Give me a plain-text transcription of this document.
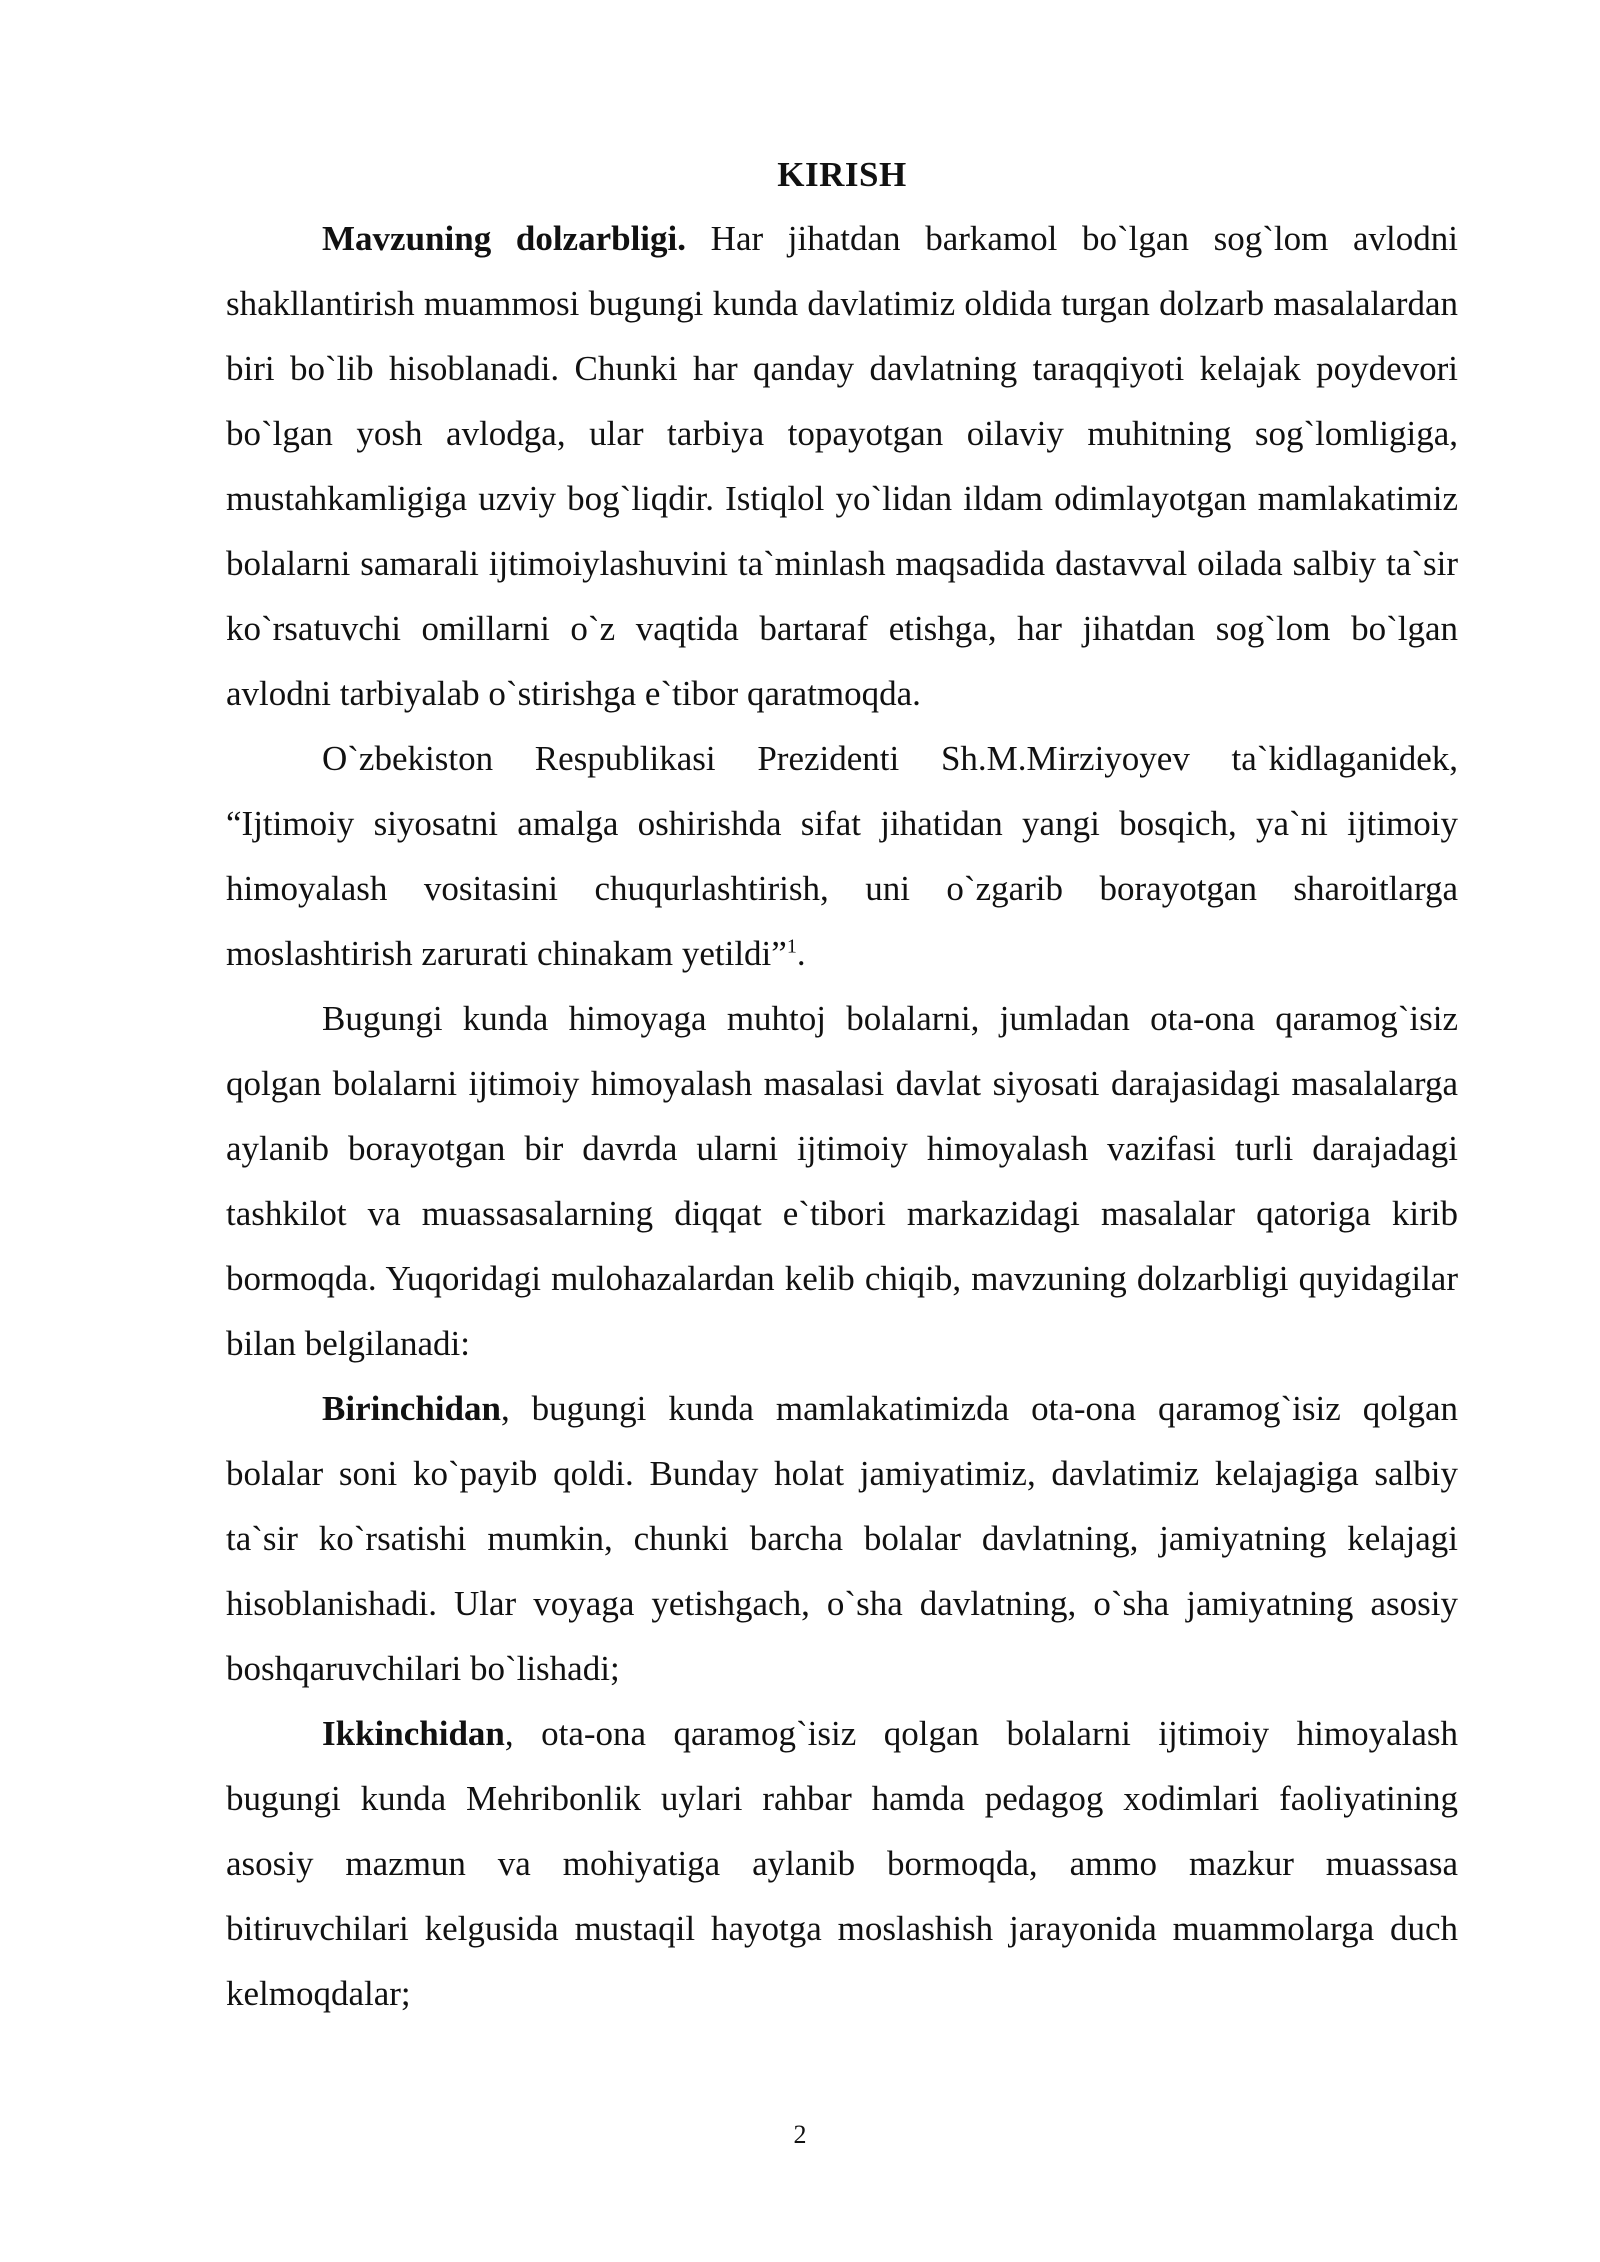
KIRISH

Mavzuning dolzarbligi. Har jihatdan barkamol bo`lgan sog`lom avlodni shakllantirish muammosi bugungi kunda davlatimiz oldida turgan dolzarb masalalardan biri bo`lib hisoblanadi. Chunki har qanday davlatning taraqqiyoti kelajak poydevori bo`lgan yosh avlodga, ular tarbiya topayotgan oilaviy muhitning sog`lomligiga, mustahkamligiga uzviy bog`liqdir. Istiqlol yo`lidan ildam odimlayotgan mamlakatimiz bolalarni samarali ijtimoiylashuvini ta`minlash maqsadida dastavval oilada salbiy ta`sir ko`rsatuvchi omillarni o`z vaqtida bartaraf etishga, har jihatdan sog`lom bo`lgan avlodni tarbiyalab o`stirishga e`tibor qaratmoqda.

O`zbekiston Respublikasi Prezidenti Sh.M.Mirziyoyev ta`kidlaganidek, “Ijtimoiy siyosatni amalga oshirishda sifat jihatidan yangi bosqich, ya`ni ijtimoiy himoyalash vositasini chuqurlashtirish, uni o`zgarib borayotgan sharoitlarga moslashtirish zarurati chinakam yetildi”$^1$.

Bugungi kunda himoyaga muhtoj bolalarni, jumladan ota-ona qaramog`isiz qolgan bolalarni ijtimoiy himoyalash masalasi davlat siyosati darajasidagi masalalarga aylanib borayotgan bir davrda ularni ijtimoiy himoyalash vazifasi turli darajadagi tashkilot va muassasalarning diqqat e`tibori markazidagi masalalar qatoriga kirib bormoqda. Yuqoridagi mulohazalardan kelib chiqib, mavzuning dolzarbligi quyidagilar bilan belgilanadi:

Birinchidan, bugungi kunda mamlakatimizda ota-ona qaramog`isiz qolgan bolalar soni ko`payib qoldi. Bunday holat jamiyatimiz, davlatimiz kelajagiga salbiy ta`sir ko`rsatishi mumkin, chunki barcha bolalar davlatning, jamiyatning kelajagi hisoblanishadi. Ular voyaga yetishgach, o`sha davlatning, o`sha jamiyatning asosiy boshqaruvchilari bo`lishadi;

Ikkinchidan, ota-ona qaramog`isiz qolgan bolalarni ijtimoiy himoyalash bugungi kunda Mehribonlik uylari rahbar hamda pedagog xodimlari faoliyatining asosiy mazmun va mohiyatiga aylanib bormoqda, ammo mazkur muassasa bitiruvchilari kelgusida mustaqil hayotga moslashish jarayonida muammolarga duch kelmoqdalar;

2
